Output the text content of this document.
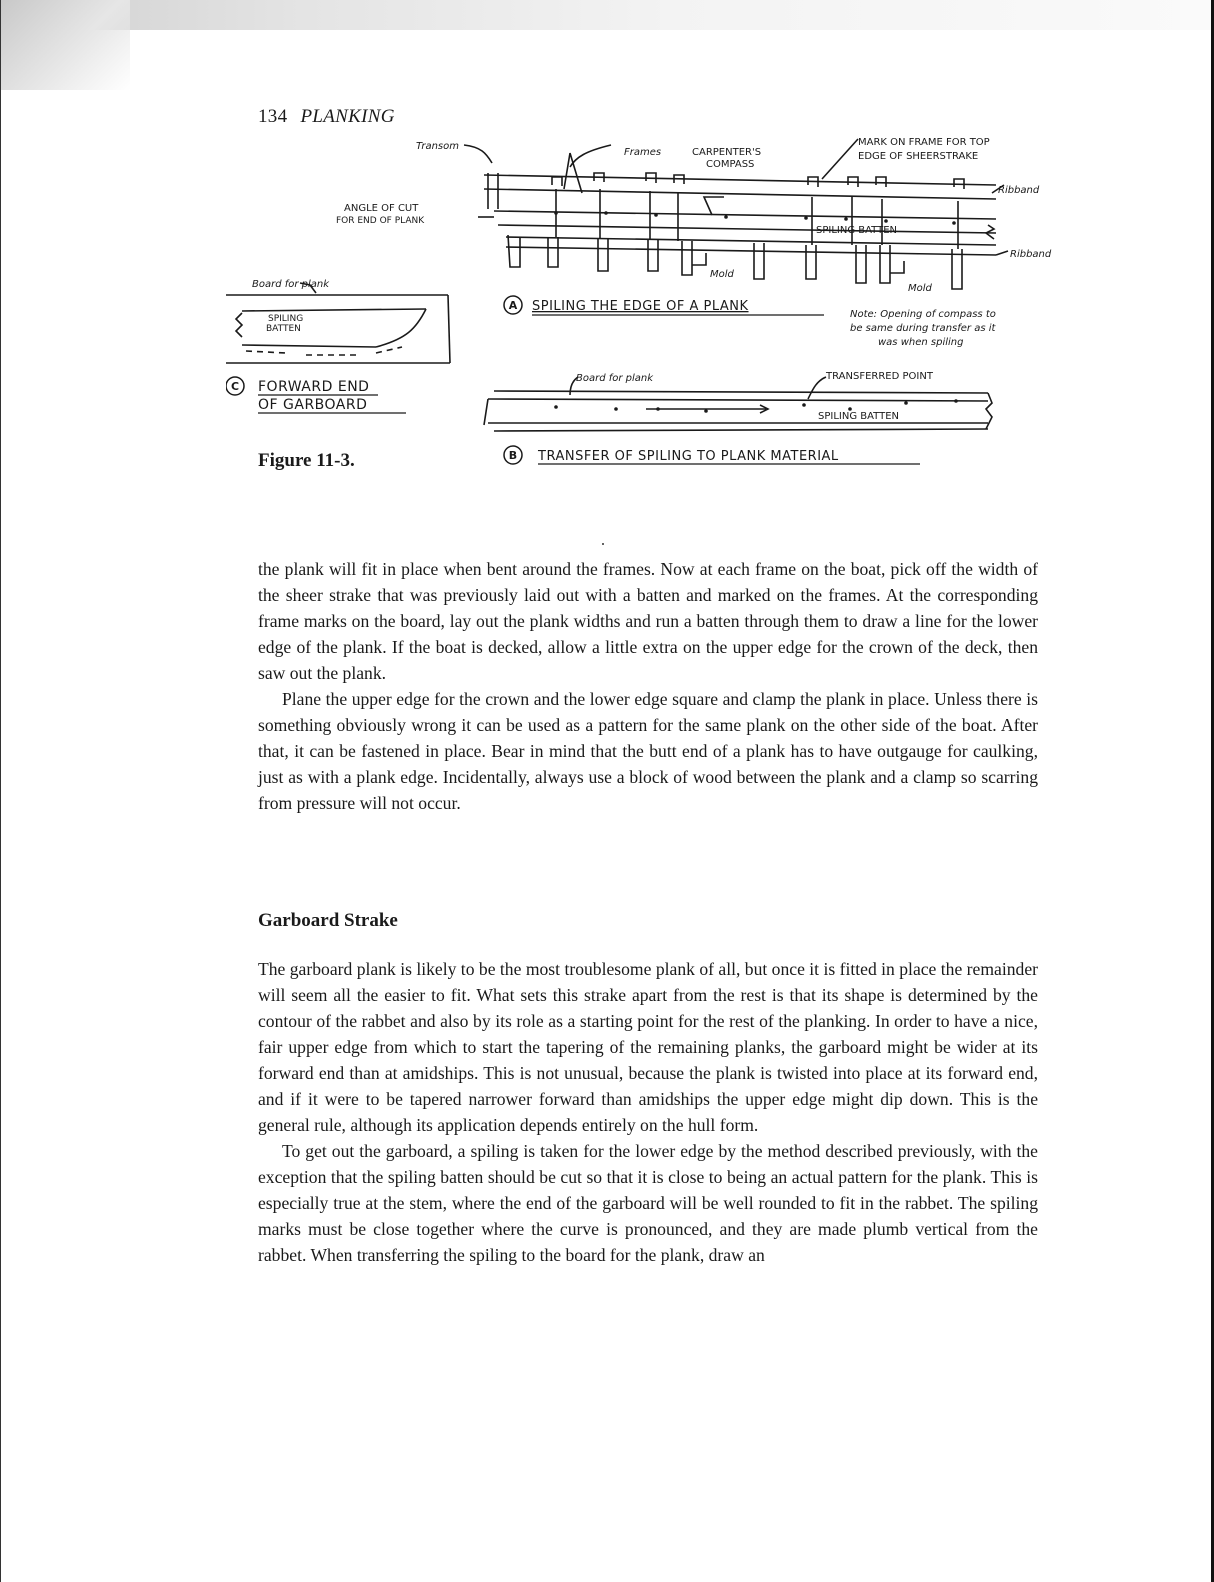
134 PLANKING
Transom
Frames	CARPENTER'S
COMPASS
MARK ON FRAME FOR TOP
EDGE OF SHEERSTRAKE
Ribband
Ribband
ANGLE OF CUT
FOR END OF PLANK
SPILING BATTEN
Mold
Mold
Note: Opening of compass to
be same during transfer as it
was when spiling
A SPILING THE EDGE OF A PLANK
Board for plank	TRANSFERRED POINT
SPILING BATTEN
B TRANSFER OF SPILING TO PLANK MATERIAL
Board for plank
SPILING
BATTEN
C FORWARD END
OF GARBOARD
Figure 11-3.

the plank will fit in place when bent around the frames. Now at each frame on the boat, pick off the width of the sheer strake that was previously laid out with a batten and marked on the frames. At the corresponding frame marks on the board, lay out the plank widths and run a batten through them to draw a line for the lower edge of the plank. If the boat is decked, allow a little extra on the upper edge for the crown of the deck, then saw out the plank.

Plane the upper edge for the crown and the lower edge square and clamp the plank in place. Unless there is something obviously wrong it can be used as a pattern for the same plank on the other side of the boat. After that, it can be fastened in place. Bear in mind that the butt end of a plank has to have outgauge for caulking, just as with a plank edge. Incidentally, always use a block of wood between the plank and a clamp so scarring from pressure will not occur.

Garboard Strake

The garboard plank is likely to be the most troublesome plank of all, but once it is fitted in place the remainder will seem all the easier to fit. What sets this strake apart from the rest is that its shape is determined by the contour of the rabbet and also by its role as a starting point for the rest of the planking. In order to have a nice, fair upper edge from which to start the tapering of the remaining planks, the garboard might be wider at its forward end than at amidships. This is not unusual, because the plank is twisted into place at its forward end, and if it were to be tapered narrower forward than amidships the upper edge might dip down. This is the general rule, although its application depends entirely on the hull form.

To get out the garboard, a spiling is taken for the lower edge by the method described previously, with the exception that the spiling batten should be cut so that it is close to being an actual pattern for the plank. This is especially true at the stem, where the end of the garboard will be well rounded to fit in the rabbet. The spiling marks must be close together where the curve is pronounced, and they are made plumb vertical from the rabbet. When transferring the spiling to the board for the plank, draw an
